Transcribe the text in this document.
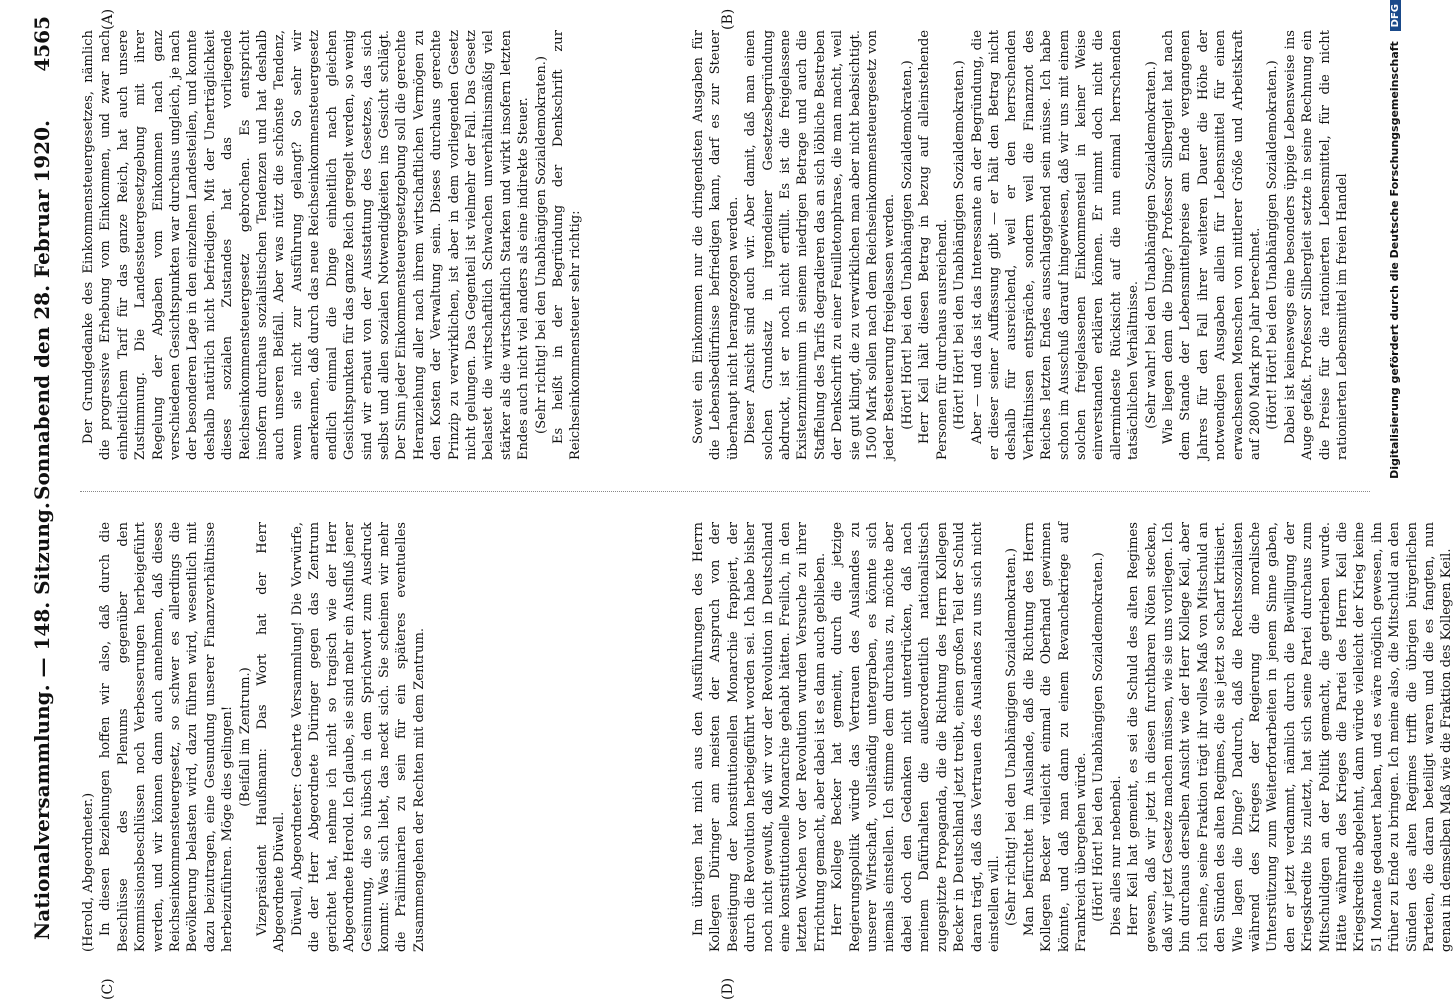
Nationalversammlung. — 148. Sitzung.
Sonnabend den 28. Februar 1920.
4565	(A)	(B)
(C)	(D)

(Herold, Abgeordneter.) In diesen Beziehungen hoffen wir also, daß durch die Beschlüsse des Plenums gegenüber den Kommissionsbeschlüssen noch Verbesserungen herbeigeführt werden, und wir können dann auch annehmen, daß dieses Reichseinkommensteuergesetz, so schwer es allerdings die Bevölkerung belasten wird, dazu führen wird, wesentlich mit dazu beizutragen, eine Gesundung unserer Finanzverhältnisse herbeizuführen. Möge dies gelingen! (Beifall im Zentrum.) Vizepräsident Haußmann: Das Wort hat der Herr Abgeordnete Düwell. Düwell, Abgeordneter: Geehrte Versammlung! Die Vorwürfe, die der Herr Abgeordnete Düringer gegen das Zentrum gerichtet hat, nehme ich nicht so tragisch wie der Herr Abgeordnete Herold. Ich glaube, sie sind mehr ein Ausfluß jener Gesinnung, die so hübsch in dem Sprichwort zum Ausdruck kommt: Was sich liebt, das neckt sich. Sie scheinen wir mehr die Präliminarien zu sein für ein späteres eventuelles Zusammengehen der Rechten mit dem Zentrum.	Im übrigen hat mich aus den Ausführungen des Herrn Kollegen Düringer am meisten der Anspruch von der Beseitigung der konstitutionellen Monarchie frappiert, der durch die Revolution herbeigeführt worden sei. Ich habe bisher noch nicht gewußt, daß wir vor der Revolution in Deutschland eine konstitutionelle Monarchie gehabt hätten. Freilich, in den letzten Wochen vor der Revolution wurden Versuche zu ihrer Errichtung gemacht, aber dabei ist es dann auch geblieben. Herr Kollege Becker hat gemeint, durch die jetzige Regierungspolitik würde das Vertrauen des Auslandes zu unserer Wirtschaft, vollständig untergraben, es könnte sich niemals einstellen. Ich stimme dem durchaus zu, möchte aber dabei doch den Gedanken nicht unterdrücken, daß nach meinem Dafürhalten die außerordentlich nationalistisch zugespitzte Propaganda, die die Richtung des Herrn Kollegen Becker in Deutschland jetzt treibt, einen großen Teil der Schuld daran trägt, daß das Vertrauen des Auslandes zu uns sich nicht einstellen will. (Sehr richtig! bei den Unabhängigen Sozialdemokraten.) Man befürchtet im Auslande, daß die Richtung des Herrn Kollegen Becker vielleicht einmal die Oberhand gewinnen könnte, und daß man dann zu einem Revanchekriege auf Frankreich übergehen würde. (Hört! Hört! bei den Unabhängigen Sozialdemokraten.) Dies alles nur nebenbei. Herr Keil hat gemeint, es sei die Schuld des alten Regimes gewesen, daß wir jetzt in diesen furchtbaren Nöten stecken, daß wir jetzt Gesetze machen müssen, wie sie uns vorliegen. Ich bin durchaus derselben Ansicht wie der Herr Kollege Keil, aber ich meine, seine Fraktion trägt ihr volles Maß von Mitschuld an den Sünden des alten Regimes, die sie jetzt so scharf kritisiert. Wie lagen die Dinge? Dadurch, daß die Rechtssozialisten während des Krieges der Regierung die moralische Unterstützung zum Weiterfortarbeiten in jenem Sinne gaben, den er jetzt verdammt, nämlich durch die Bewilligung der Kriegskredite bis zuletzt, hat sich seine Partei durchaus zum Mitschuldigen an der Politik gemacht, die getrieben wurde. Hätte während des Krieges die Partei des Herrn Keil die Kriegskredite abgelehnt, dann würde vielleicht der Krieg keine 51 Monate gedauert haben, und es wäre möglich gewesen, ihn früher zu Ende zu bringen. Ich meine also, die Mitschuld an den Sünden des alten Regimes trifft die übrigen bürgerlichen Parteien, die daran beteiligt waren und die es fangten, nun genau in demselben Maß wie die Fraktion des Kollegen Keil.

Der Grundgedanke des Einkommensteuergesetzes, nämlich die progressive Erhebung vom Einkommen, und zwar nach einheitlichem Tarif für das ganze Reich, hat auch unsere Zustimmung. Die Landessteuergesetzgebung mit ihrer Regelung der Abgaben vom Einkommen nach ganz verschiedenen Gesichtspunkten war durchaus ungleich, je nach der besonderen Lage in den einzelnen Landesteilen, und konnte deshalb natürlich nicht befriedigen. Mit der Unerträglichkeit dieses sozialen Zustandes hat das vorliegende Reichseinkommensteuergesetz gebrochen. Es entspricht insofern durchaus sozialistischen Tendenzen und hat deshalb auch unseren Beifall. Aber was nützt die schönste Tendenz, wenn sie nicht zur Ausführung gelangt? So sehr wir anerkennen, daß durch das neue Reichseinkommensteuergesetz endlich einmal die Dinge einheitlich nach gleichen Gesichtspunkten für das ganze Reich geregelt werden, so wenig sind wir erbaut von der Ausstattung des Gesetzes, das sich selbst und allen sozialen Notwendigkeiten ins Gesicht schlägt. Der Sinn jeder Einkommensteuergesetzgebung soll die gerechte Heranziehung aller nach ihrem wirtschaftlichen Vermögen zu den Kosten der Verwaltung sein. Dieses durchaus gerechte Prinzip zu verwirklichen, ist aber in dem vorliegenden Gesetz nicht gelungen. Das Gegenteil ist vielmehr der Fall. Das Gesetz belastet die wirtschaftlich Schwachen unverhältnismäßig viel stärker als die wirtschaftlich Starken und wirkt insofern letzten Endes auch nicht viel anders als eine indirekte Steuer. (Sehr richtig! bei den Unabhängigen Sozialdemokraten.) Es heißt in der Begründung der Denkschrift zur Reichseinkommensteuer sehr richtig:	Soweit ein Einkommen nur die dringendsten Ausgaben für die Lebensbedürfnisse befriedigen kann, darf es zur Steuer überhaupt nicht herangezogen werden. Dieser Ansicht sind auch wir. Aber damit, daß man einen solchen Grundsatz in irgendeiner Gesetzesbegründung abdruckt, ist er noch nicht erfüllt. Es ist die freigelassene Existenzminimum in seinem niedrigen Betrage und auch die Staffelung des Tarifs degradieren das an sich löbliche Bestreben der Denkschrift zu einer Feuilletonphrase, die man macht, weil sie gut klingt, die zu verwirklichen man aber nicht beabsichtigt. 1500 Mark sollen nach dem Reichseinkommensteuergesetz von jeder Besteuerung freigelassen werden. (Hört! Hört! bei den Unabhängigen Sozialdemokraten.) Herr Keil hält diesen Betrag in bezug auf alleinstehende Personen für durchaus ausreichend. (Hört! Hört! bei den Unabhängigen Sozialdemokraten.) Aber — und das ist das Interessante an der Begründung, die er dieser seiner Auffassung gibt — er hält den Betrag nicht deshalb für ausreichend, weil er den herrschenden Verhältnissen entspräche, sondern weil die Finanznot des Reiches letzten Endes ausschlaggebend sein müsse. Ich habe schon im Ausschuß darauf hingewiesen, daß wir uns mit einem solchen freigelassenen Einkommensteil in keiner Weise einverstanden erklären können. Er nimmt doch nicht die allermindeste Rücksicht auf die nun einmal herrschenden tatsächlichen Verhältnisse. (Sehr wahr! bei den Unabhängigen Sozialdemokraten.) Wie liegen denn die Dinge? Professor Silbergleit hat nach dem Stande der Lebensmittelpreise am Ende vergangenen Jahres für den Fall ihrer weiteren Dauer die Höhe der notwendigen Ausgaben allein für Lebensmittel für einen erwachsenen Menschen von mittlerer Größe und Arbeitskraft auf 2800 Mark pro Jahr berechnet. (Hört! Hört! bei den Unabhängigen Sozialdemokraten.) Dabei ist keineswegs eine besonders üppige Lebensweise ins Auge gefaßt. Professor Silbergleit setzte in seine Rechnung ein die Preise für die rationierten Lebensmittel, für die nicht rationierten Lebensmittel im freien Handel	Digitalisierung gefördert durch die Deutsche Forschungsgemeinschaft DFG
